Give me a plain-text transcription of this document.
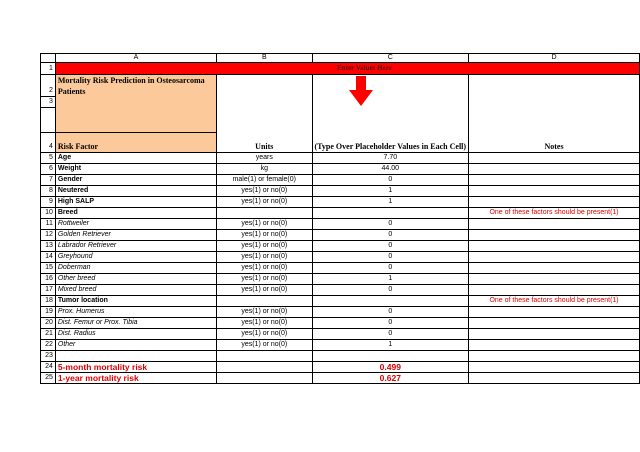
	A	B	C	D
1	Enter Values Here			
2	Mortality Risk Prediction in Osteosarcoma Patients			
3				

4	Risk Factor	Units	(Type Over Placeholder Values in Each Cell)	Notes
5	Age	years	7.70	
6	Weight	kg	44.00	
7	Gender	male(1) or female(0)	0	
8	Neutered	yes(1) or no(0)	1	
9	High SALP	yes(1) or no(0)	1	
10	Breed			One of these factors should be present(1)
11	Rottweiler	yes(1) or no(0)	0	
12	Golden Retriever	yes(1) or no(0)	0	
13	Labrador Retriever	yes(1) or no(0)	0	
14	Greyhound	yes(1) or no(0)	0	
15	Doberman	yes(1) or no(0)	0	
16	Other breed	yes(1) or no(0)	1	
17	Mixed breed	yes(1) or no(0)	0	
18	Tumor location			One of these factors should be present(1)
19	Prox. Humerus	yes(1) or no(0)	0	
20	Dist. Femur or Prox. Tibia	yes(1) or no(0)	0	
21	Dist. Radius	yes(1) or no(0)	0	
22	Other	yes(1) or no(0)	1	
23				
24	5-month mortality risk		0.499	
25	1-year mortality risk		0.627	
